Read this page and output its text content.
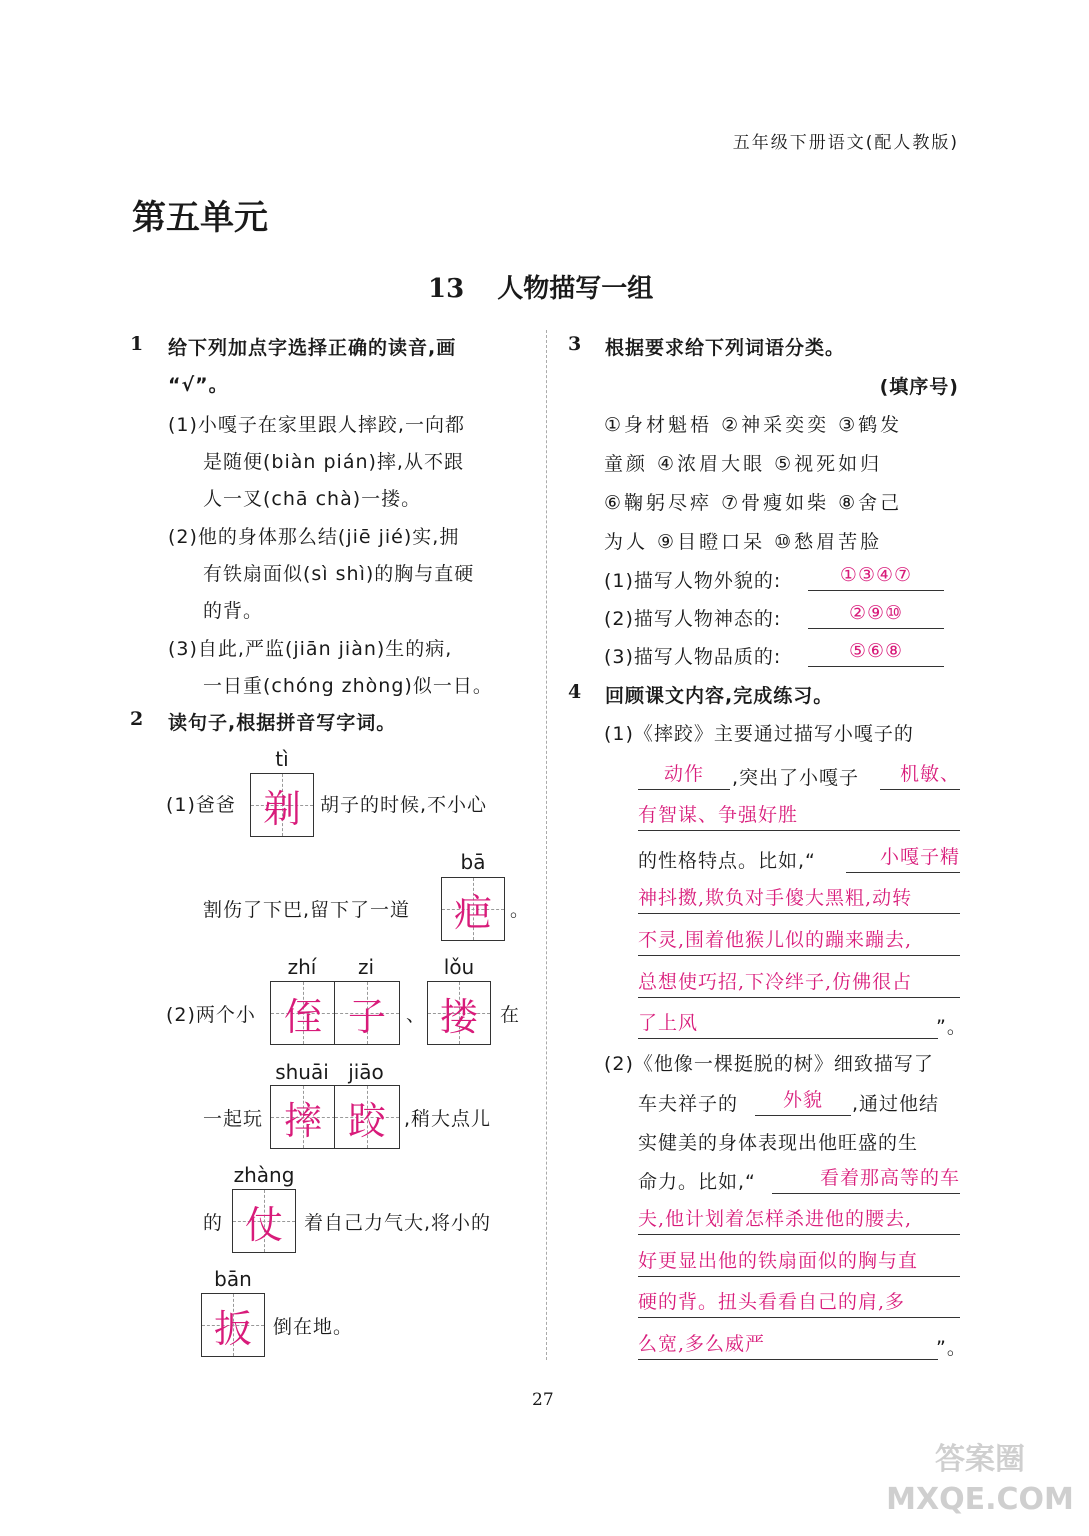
五年级下册语文(配人教版)
第五单元
13 人物描写一组
1 给下列加点字选择正确的读音,画
“√”。
(1)小嘎子在家里跟人摔跤,一向都
是随便(biàn pián)摔,从不跟
人一叉(chā chà)一搂。
(2)他的身体那么结(jiē jié)实,拥
有铁扇面似(sì shì)的胸与直硬
的背。
(3)自此,严监(jiān jiàn)生的病,
一日重(chóng zhòng)似一日。
2 读句子,根据拼音写字词。
(1)爸爸
tì
剃	胡子的时候,不小心
割伤了下巴,留下了一道
bā
疤 。
(2)两个小
zhí	zi
侄 子	、
lǒu
搂	在
一起玩
shuāi jiāo
摔 跤 ,稍大点儿
的
zhàng
仗	着自己力气大,将小的
bān
扳	倒在地。
3 根据要求给下列词语分类。
(填序号)
①身材魁梧 ②神采奕奕 ③鹤发
童颜 ④浓眉大眼 ⑤视死如归
⑥鞠躬尽瘁 ⑦骨瘦如柴 ⑧舍己
为人 ⑨目瞪口呆 ⑩愁眉苦脸
(1)描写人物外貌的:	①③④⑦
(2)描写人物神态的:	②⑨⑩
(3)描写人物品质的:	⑤⑥⑧
4 回顾课文内容,完成练习。
(1)《摔跤》主要通过描写小嘎子的
动作	,突出了小嘎子	机敏、
有智谋、争强好胜
的性格特点。比如,“	小嘎子精
神抖擞,欺负对手傻大黑粗,动转
不灵,围着他猴儿似的蹦来蹦去,
总想使巧招,下冷绊子,仿佛很占
了上风	”。
(2)《他像一棵挺脱的树》细致描写了
车夫祥子的	外貌	,通过他结
实健美的身体表现出他旺盛的生
命力。比如,“	看着那高等的车
夫,他计划着怎样杀进他的腰去,
好更显出他的铁扇面似的胸与直
硬的背。扭头看看自己的肩,多
么宽,多么威严	”。
27
答案圈 MXQE.COM
